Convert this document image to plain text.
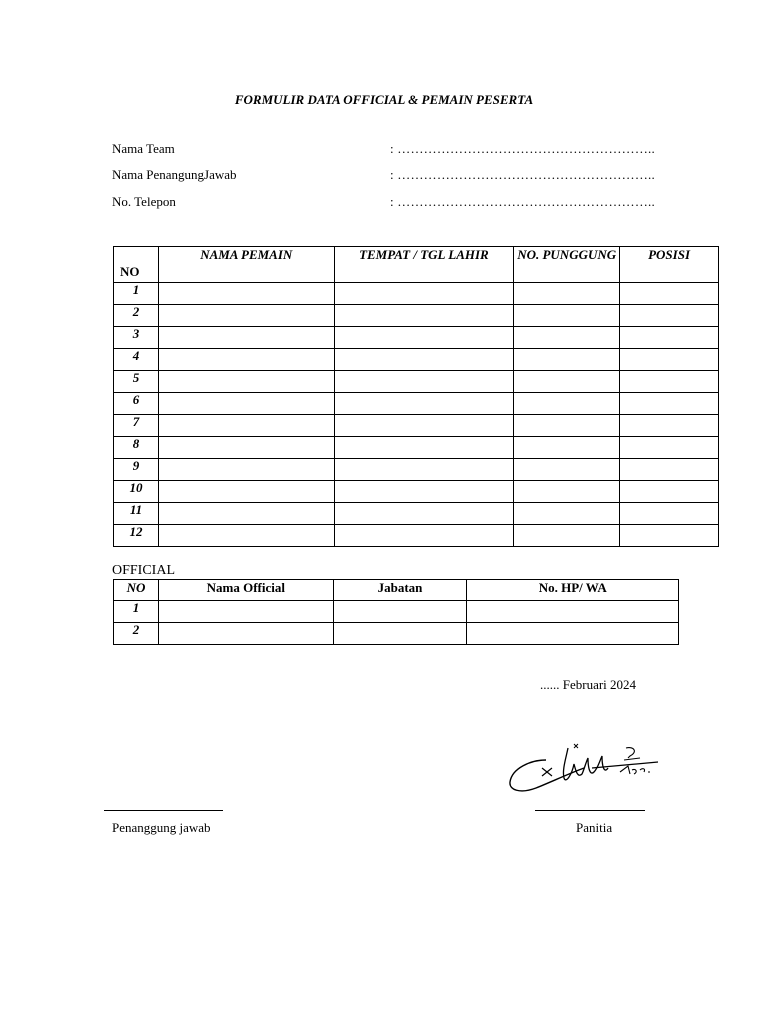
FORMULIR DATA OFFICIAL & PEMAIN PESERTA
Nama Team	: …………………………………………………..
Nama PenangungJawab	: …………………………………………………..
No. Telepon	: …………………………………………………..
NO	NAMA PEMAIN	TEMPAT / TGL LAHIR	NO. PUNGGUNG	POSISI
1				
2				
3				
4				
5				
6				
7				
8				
9				
10				
11				
12				
OFFICIAL
NO	Nama Official	Jabatan	No. HP/ WA
1			
2			
...... Februari 2024
Penanggung jawab	Panitia
